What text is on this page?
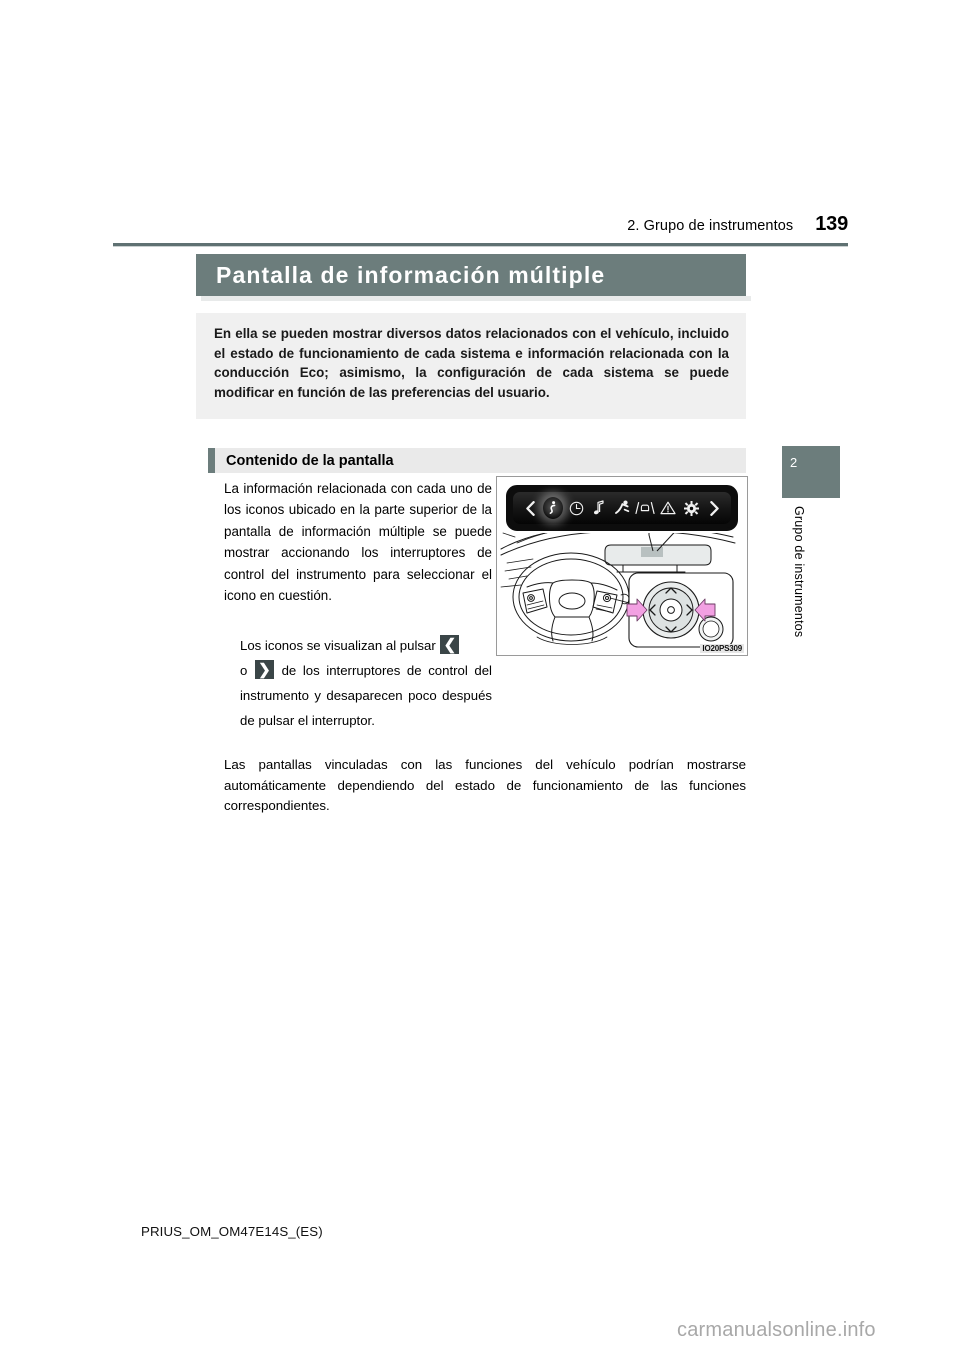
2. Grupo de instrumentos 139
Pantalla de información múltiple
En ella se pueden mostrar diversos datos relacionados con el vehículo, incluido el estado de funcionamiento de cada sistema e información relacionada con la conducción Eco; asimismo, la configuración de cada sistema se puede modificar en función de las preferencias del usuario.
Contenido de la pantalla

La información relacionada con cada uno de los iconos ubicado en la parte superior de la pantalla de información múltiple se puede mostrar accionando los interruptores de control del instrumento para seleccionar el icono en cuestión.

Los iconos se visualizan al pulsar ❮

o ❯ de los interruptores de control del instrumento y desaparecen poco después de pulsar el interruptor.

Las pantallas vinculadas con las funciones del vehículo podrían mostrarse automáticamente dependiendo del estado de funcionamiento de las funciones correspondientes.

IO20PS309
2
Grupo de instrumentos
PRIUS_OM_OM47E14S_(ES)
carmanualsonline.info
